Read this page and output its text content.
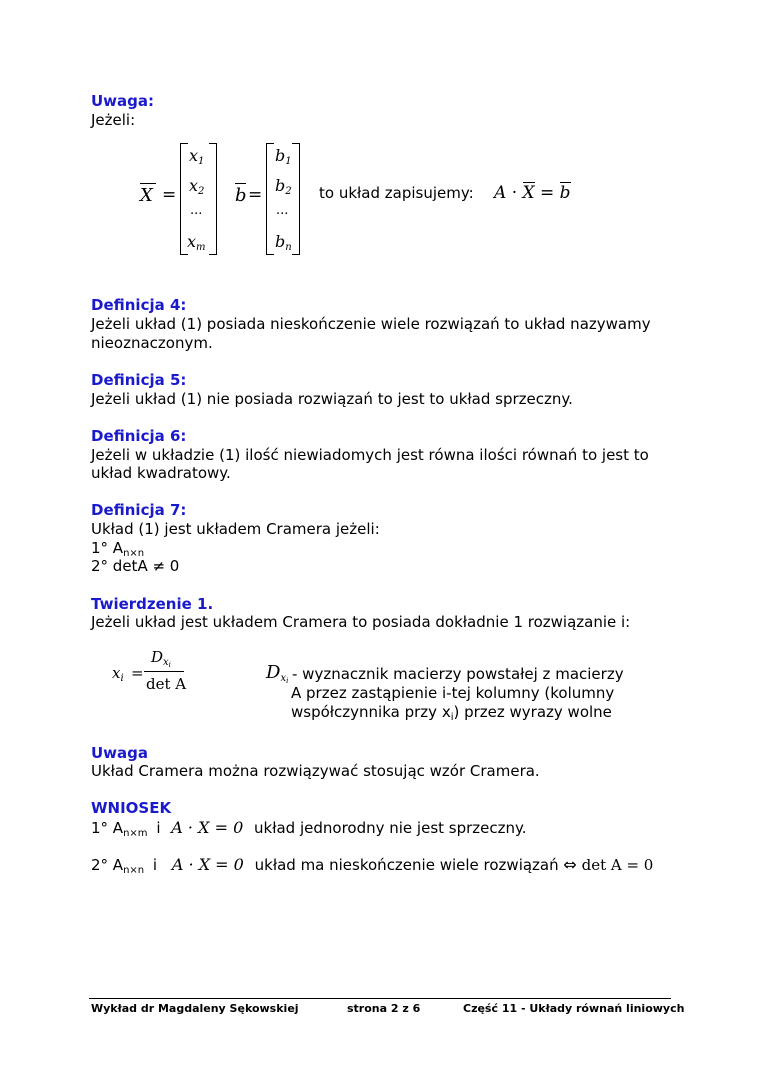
Uwaga:
Jeżeli:
X =
$x_1$
$x_2$
...
$x_m$
b =
$b_1$
$b_2$
...
$b_n$
to układ zapisujemy: A · X = b
Definicja 4:
Jeżeli układ (1) posiada nieskończenie wiele rozwiązań to układ nazywamy
nieoznaczonym.
Definicja 5:
Jeżeli układ (1) nie posiada rozwiązań to jest to układ sprzeczny.
Definicja 6:
Jeżeli w układzie (1) ilość niewiadomych jest równa ilości równań to jest to
układ kwadratowy.
Definicja 7:
Układ (1) jest układem Cramera jeżeli:
1° $A_{n\times n}$
2° detA ≠ 0
Twierdzenie 1.
Jeżeli układ jest układem Cramera to posiada dokładnie 1 rozwiązanie i:
$x_i$ =
$D_{xi}$
det A
$D_{xi}$ - wyznacznik macierzy powstałej z macierzy
A przez zastąpienie i-tej kolumny (kolumny
współczynnika przy $x_i$) przez wyrazy wolne
Uwaga
Układ Cramera można rozwiązywać stosując wzór Cramera.
WNIOSEK
1° $A_{n\times m}$ i A · X = 0 układ jednorodny nie jest sprzeczny.
2° $A_{n\times n}$ i A · X = 0 układ ma nieskończenie wiele rozwiązań ⇔ det A = 0
Wykład dr Magdaleny Sękowskiej	strona 2 z 6	Część 11 - Układy równań liniowych
